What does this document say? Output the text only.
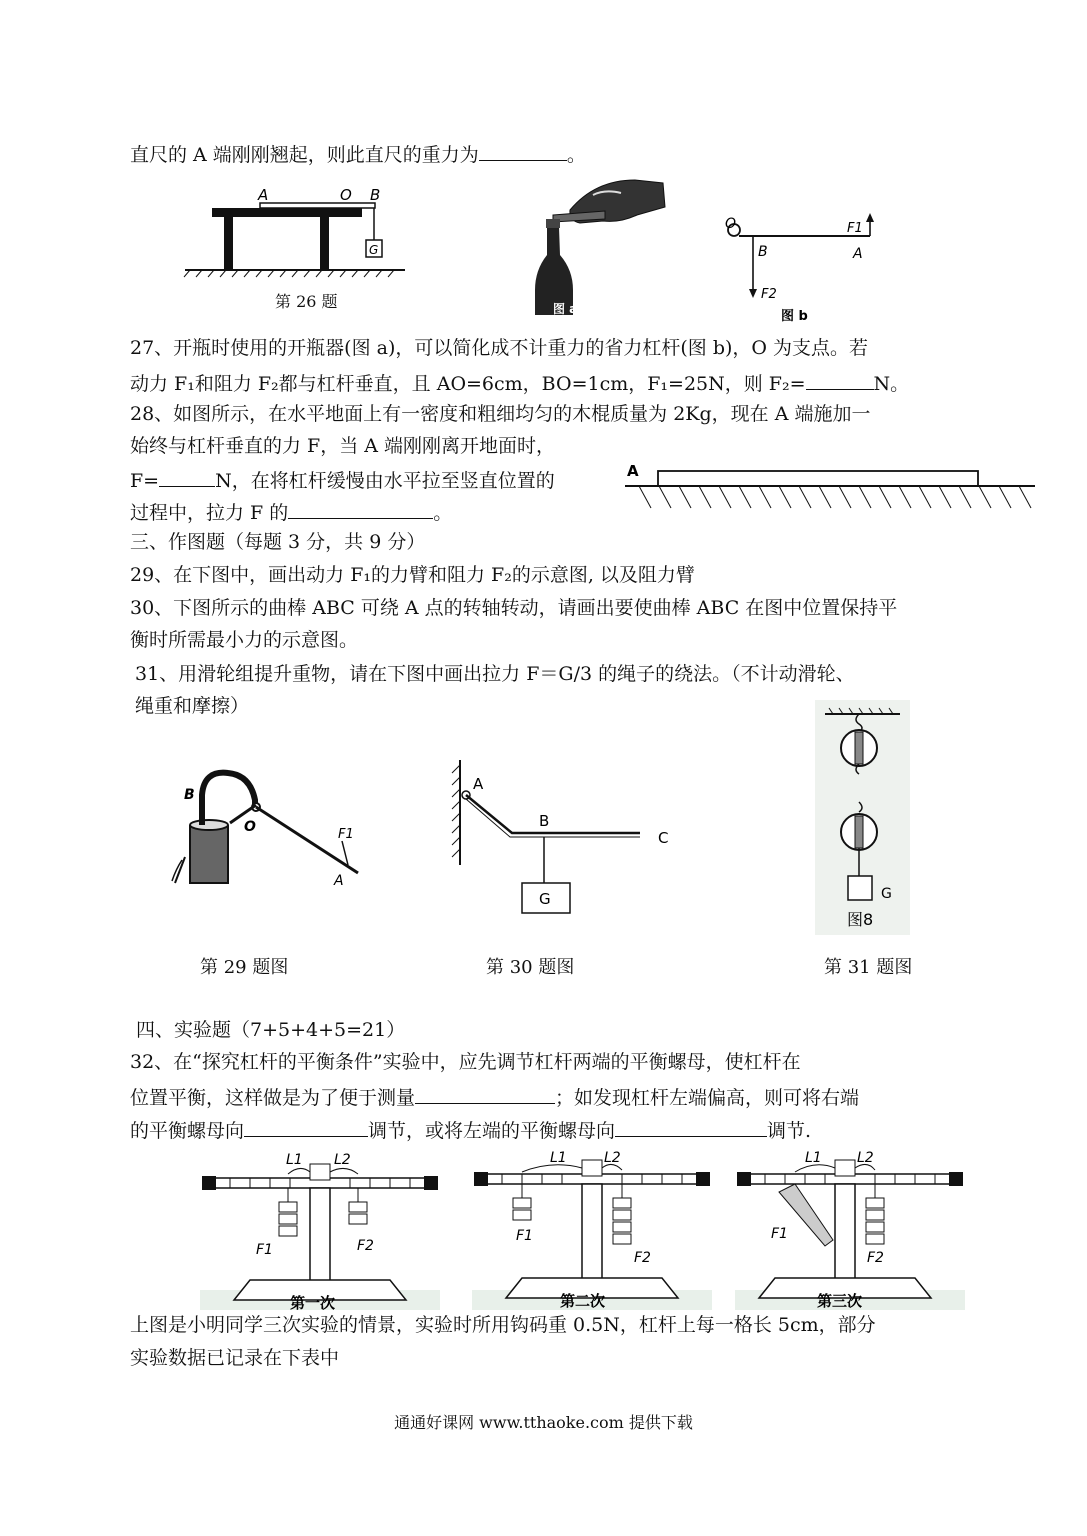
直尺的 A 端刚刚翘起，则此直尺的重力为	。
A	O B
G
第 26 题	图 a
O
B	A
F1
F2
图 b
27、开瓶时使用的开瓶器(图 a)，可以简化成不计重力的省力杠杆(图 b)，O 为支点。若
动力 F₁和阻力 F₂都与杠杆垂直，且 AO=6cm，BO=1cm，F₁=25N，则 F₂=	N。
28、如图所示，在水平地面上有一密度和粗细均匀的木棍质量为 2Kg，现在 A 端施加一
始终与杠杆垂直的力 F，当 A 端刚刚离开地面时，
F=	N，在将杠杆缓慢由水平拉至竖直位置的
过程中，拉力 F 的	。
A
三、作图题（每题 3 分，共 9 分）
29、在下图中，画出动力 F₁的力臂和阻力 F₂的示意图, 以及阻力臂
30、下图所示的曲棒 ABC 可绕 A 点的转轴转动，请画出要使曲棒 ABC 在图中位置保持平
衡时所需最小力的示意图。
31、用滑轮组提升重物，请在下图中画出拉力 F＝G/3 的绳子的绕法。（不计动滑轮、
绳重和摩擦）
B
O	F1
A
A
B
C
G	G
图8
第 29 题图	第 30 题图	第 31 题图
四、实验题（7+5+4+5=21）
32、在“探究杠杆的平衡条件”实验中，应先调节杠杆两端的平衡螺母，使杠杆在
位置平衡，这样做是为了便于测量	；如发现杠杆左端偏高，则可将右端
的平衡螺母向	调节，或将左端的平衡螺母向	调节.
L1 L2
F1	F2
第一次
L1	L2
F1
F2
第二次
L1	L2
F1
F2
第三次
上图是小明同学三次实验的情景，实验时所用钩码重 0.5N，杠杆上每一格长 5cm，部分
实验数据已记录在下表中
通通好课网 www.tthaoke.com 提供下载
